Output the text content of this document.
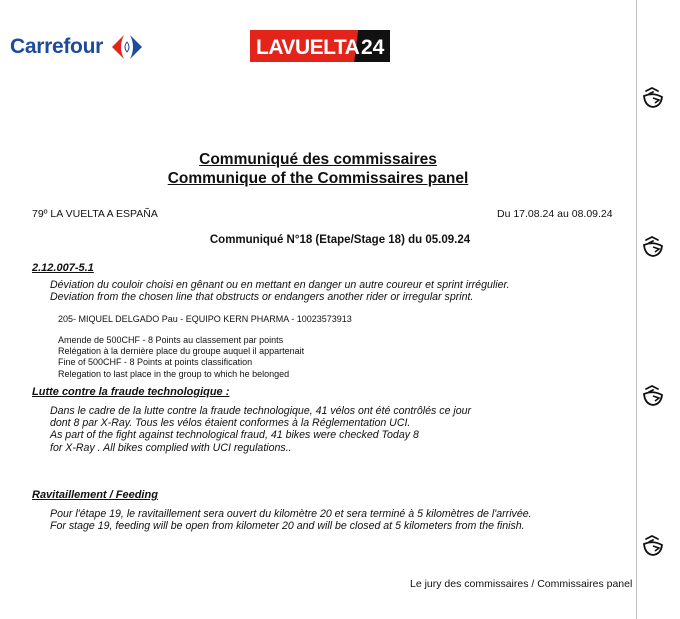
Carrefour	LAVUELTA 24
Communiqué des commissaires
Communique of the Commissaires panel
79º LA VUELTA A ESPAÑA	Du 17.08.24 au 08.09.24
Communiqué N°18 (Etape/Stage 18) du 05.09.24
2.12.007-5.1
Déviation du couloir choisi en gênant ou en mettant en danger un autre coureur et sprint irrégulier.
Deviation from the chosen line that obstructs or endangers another rider or irregular sprint.
205- MIQUEL DELGADO Pau - EQUIPO KERN PHARMA - 10023573913
Amende de 500CHF - 8 Points au classement par points
Relégation à la dernière place du groupe auquel il appartenait
Fine of 500CHF - 8 Points at points classification
Relegation to last place in the group to which he belonged
Lutte contre la fraude technologique :
Dans le cadre de la lutte contre la fraude technologique, 41 vélos ont été contrôlés ce jour
dont 8 par X-Ray. Tous les vélos étaient conformes à la Réglementation UCI.
As part of the fight against technological fraud, 41 bikes were checked Today 8
for X-Ray . All bikes complied with UCI regulations..
Ravitaillement / Feeding
Pour l'étape 19, le ravitaillement sera ouvert du kilomètre 20 et sera terminé à 5 kilomètres de l'arrivée.
For stage 19, feeding will be open from kilometer 20 and will be closed at 5 kilometers from the finish.
Le jury des commissaires / Commissaires panel
